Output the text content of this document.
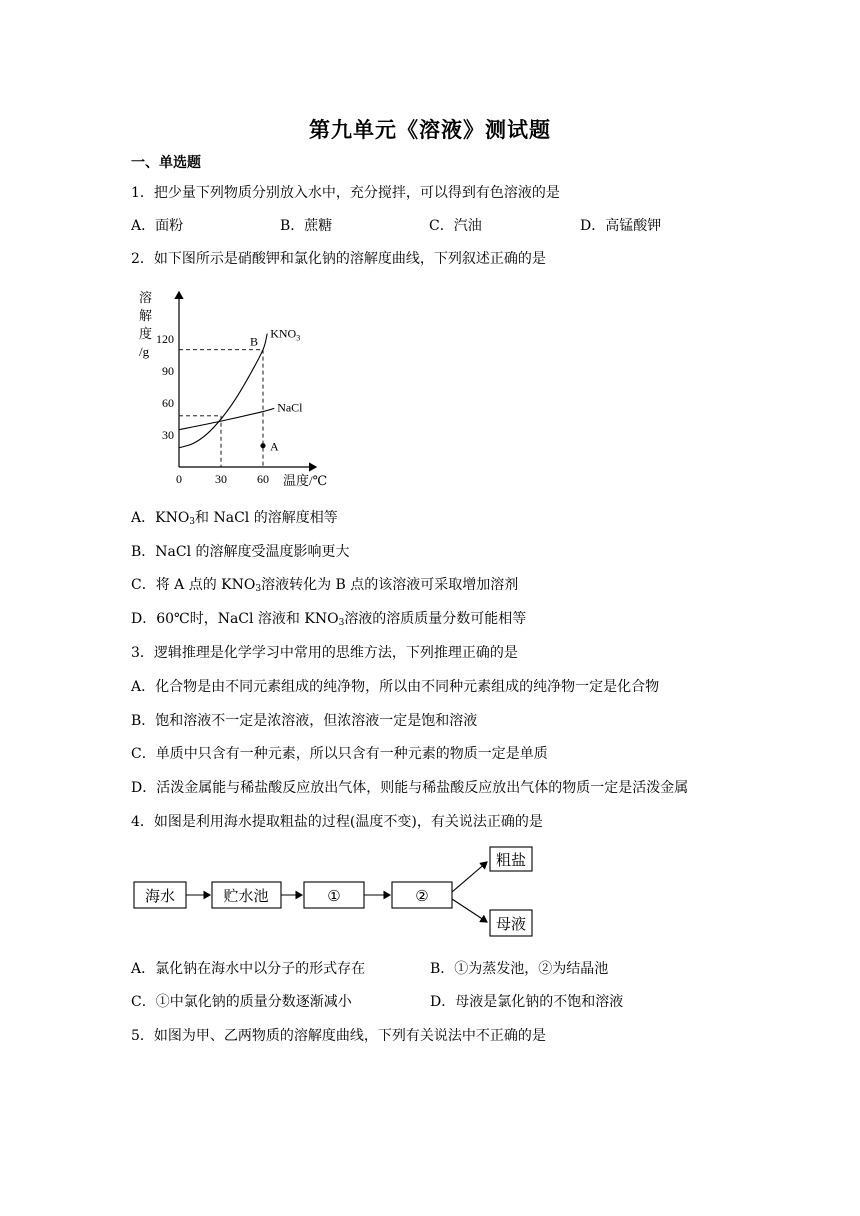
第九单元《溶液》测试题
一、单选题
1．把少量下列物质分别放入水中，充分搅拌，可以得到有色溶液的是
A．面粉	B．蔗糖	C．汽油	D．高锰酸钾
2．如下图所示是硝酸钾和氯化钠的溶解度曲线，下列叙述正确的是
30
60
90
120
0	30	60
溶
解
度
/g
$KNO_3$
NaCl
A
B
温度/℃
A．$KNO_3$和 NaCl 的溶解度相等
B．NaCl 的溶解度受温度影响更大
C．将 A 点的 $KNO_3$溶液转化为 B 点的该溶液可采取增加溶剂
D．60℃时，NaCl 溶液和 $KNO_3$溶液的溶质质量分数可能相等
3．逻辑推理是化学学习中常用的思维方法，下列推理正确的是
A．化合物是由不同元素组成的纯净物，所以由不同种元素组成的纯净物一定是化合物
B．饱和溶液不一定是浓溶液，但浓溶液一定是饱和溶液
C．单质中只含有一种元素，所以只含有一种元素的物质一定是单质
D．活泼金属能与稀盐酸反应放出气体，则能与稀盐酸反应放出气体的物质一定是活泼金属
4．如图是利用海水提取粗盐的过程(温度不变)，有关说法正确的是
海水	贮水池	①	②
粗盐
母液
A．氯化钠在海水中以分子的形式存在	B．①为蒸发池，②为结晶池
C．①中氯化钠的质量分数逐渐减小	D．母液是氯化钠的不饱和溶液
5．如图为甲、乙两物质的溶解度曲线，下列有关说法中不正确的是
